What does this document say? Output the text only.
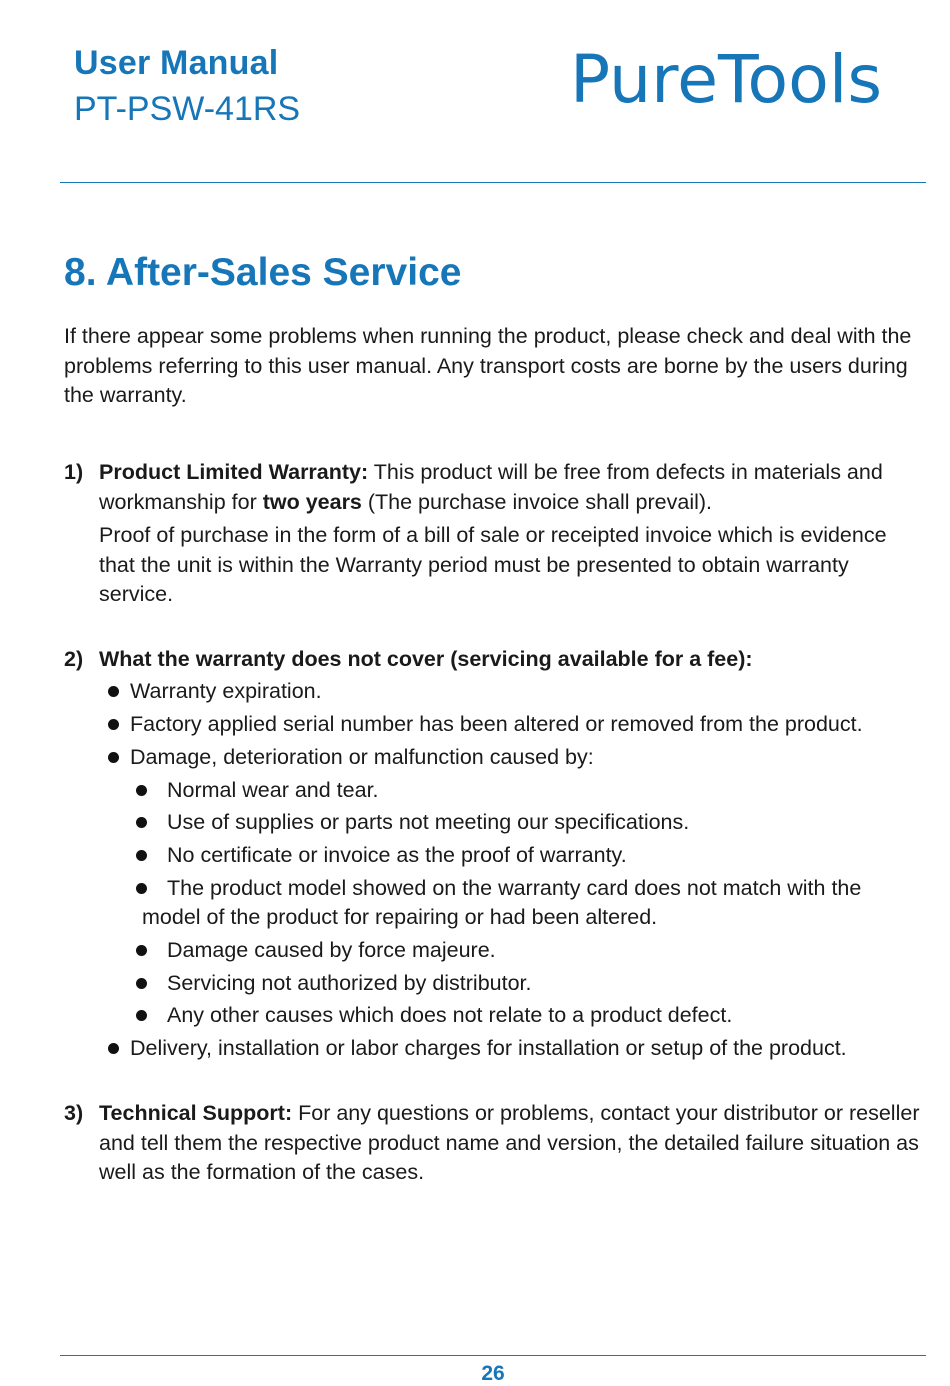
User Manual
PT-PSW-41RS	PureTools
8. After-Sales Service

If there appear some problems when running the product, please check and deal with the problems referring to this user manual. Any transport costs are borne by the users during the warranty.

1) Product Limited Warranty: This product will be free from defects in materials and workmanship for two years (The purchase invoice shall prevail).

Proof of purchase in the form of a bill of sale or receipted invoice which is evidence that the unit is within the Warranty period must be presented to obtain warranty service.

2) What the warranty does not cover (servicing available for a fee):

Warranty expiration.
Factory applied serial number has been altered or removed from the product.
Damage, deterioration or malfunction caused by:
Normal wear and tear.
Use of supplies or parts not meeting our specifications.
No certificate or invoice as the proof of warranty.
The product model showed on the warranty card does not match with the
model of the product for repairing or had been altered.
Damage caused by force majeure.
Servicing not authorized by distributor.
Any other causes which does not relate to a product defect.
Delivery, installation or labor charges for installation or setup of the product.
3) Technical Support: For any questions or problems, contact your distributor or reseller and tell them the respective product name and version, the detailed failure situation as well as the formation of the cases.

26
